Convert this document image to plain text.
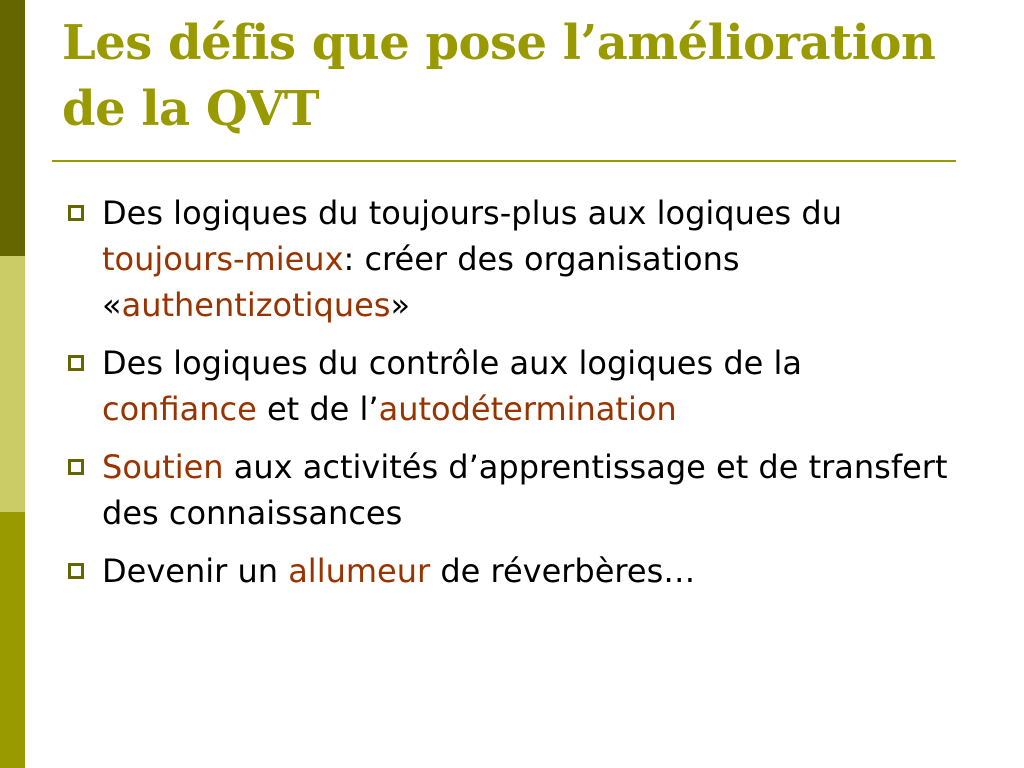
Les défis que pose l’amélioration
de la QVT
Des logiques du toujours-plus aux logiques du toujours-mieux: créer des organisations «authentizotiques»
Des logiques du contrôle aux logiques de la confiance et de l’autodétermination
Soutien aux activités d’apprentissage et de transfert des connaissances
Devenir un allumeur de réverbères…
